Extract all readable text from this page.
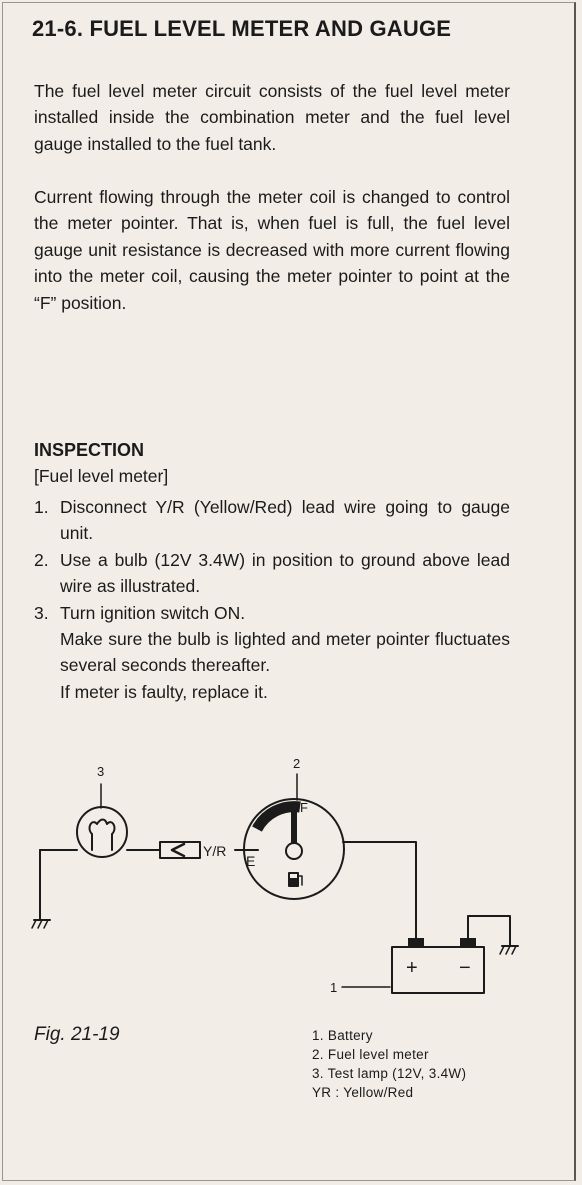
21-6. FUEL LEVEL METER AND GAUGE

The fuel level meter circuit consists of the fuel level meter installed inside the combination meter and the fuel level gauge installed to the fuel tank.

Current flowing through the meter coil is changed to control the meter pointer. That is, when fuel is full, the fuel level gauge unit resistance is decreased with more current flowing into the meter coil, causing the meter pointer to point at the “F” position.

INSPECTION

[Fuel level meter]

1. Disconnect Y/R (Yellow/Red) lead wire going to gauge unit.

2. Use a bulb (12V 3.4W) in position to ground above lead wire as illustrated.

3. Turn ignition switch ON.

Make sure the bulb is lighted and meter pointer fluctuates several seconds thereafter.

If meter is faulty, replace it.

3
Y/R
2
F
E
+ −
1

Fig. 21-19	1. Battery
2. Fuel level meter
3. Test lamp (12V, 3.4W)
YR : Yellow/Red
